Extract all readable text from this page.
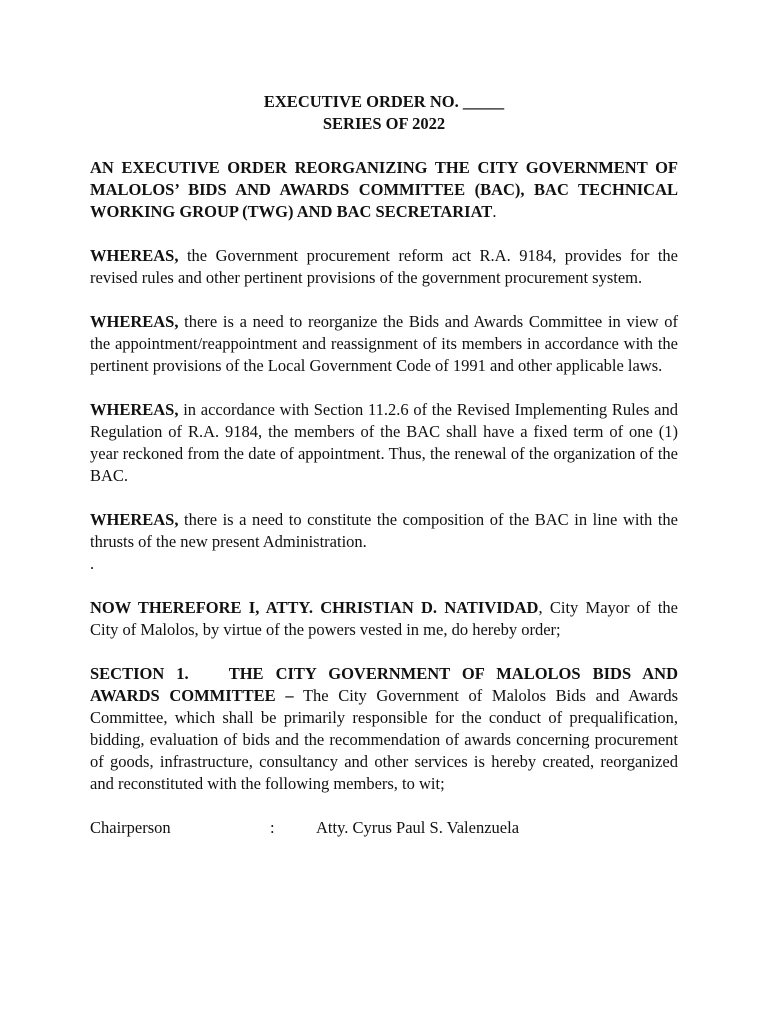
EXECUTIVE ORDER NO. _____
SERIES OF 2022

AN EXECUTIVE ORDER REORGANIZING THE CITY GOVERNMENT OF MALOLOS’ BIDS AND AWARDS COMMITTEE (BAC), BAC TECHNICAL WORKING GROUP (TWG) AND BAC SECRETARIAT.

WHEREAS, the Government procurement reform act R.A. 9184, provides for the revised rules and other pertinent provisions of the government procurement system.

WHEREAS, there is a need to reorganize the Bids and Awards Committee in view of the appointment/reappointment and reassignment of its members in accordance with the pertinent provisions of the Local Government Code of 1991 and other applicable laws.

WHEREAS, in accordance with Section 11.2.6 of the Revised Implementing Rules and Regulation of R.A. 9184, the members of the BAC shall have a fixed term of one (1) year reckoned from the date of appointment. Thus, the renewal of the organization of the BAC.

WHEREAS, there is a need to constitute the composition of the BAC in line with the thrusts of the new present Administration.

.

NOW THEREFORE I, ATTY. CHRISTIAN D. NATIVIDAD, City Mayor of the City of Malolos, by virtue of the powers vested in me, do hereby order;

SECTION 1. THE CITY GOVERNMENT OF MALOLOS BIDS AND AWARDS COMMITTEE – The City Government of Malolos Bids and Awards Committee, which shall be primarily responsible for the conduct of prequalification, bidding, evaluation of bids and the recommendation of awards concerning procurement of goods, infrastructure, consultancy and other services is hereby created, reorganized and reconstituted with the following members, to wit;

Chairperson	:	Atty. Cyrus Paul S. Valenzuela
